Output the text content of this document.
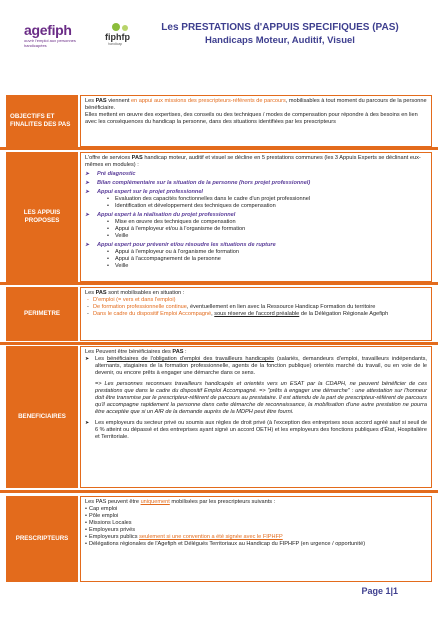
agefiph
ouvrir l'emploi aux personnes handicapées
fiphfp
handicap
Les PRESTATIONS d'APPUIS SPECIFIQUES (PAS)
Handicaps Moteur, Auditif, Visuel
OBJECTIFS ET FINALITES DES PAS

Les PAS viennent en appui aux missions des prescripteurs-référents de parcours, mobilisables à tout moment du parcours de la personne bénéficiaire.

Elles mettent en œuvre des expertises, des conseils ou des techniques / modes de compensation pour répondre à des besoins en lien avec les conséquences du handicap la personne, dans des situations identifiées par les prescripteurs

LES APPUIS PROPOSES

L'offre de services PAS handicap moteur, auditif et visuel se décline en 5 prestations communes (les 3 Appuis Experts se déclinant eux-mêmes en modules) :

➤ Pré diagnostic
➤ Bilan complémentaire sur la situation de la personne (hors projet professionnel)
➤ Appui expert sur le projet professionnel
• Evaluation des capacités fonctionnelles dans le cadre d'un projet professionnel
• Identification et développement des techniques de compensation
➤ Appui expert à la réalisation du projet professionnel
• Mise en œuvre des techniques de compensation
• Appui à l'employeur et/ou à l'organisme de formation
• Veille
➤ Appui expert pour prévenir et/ou résoudre les situations de rupture
• Appui à l'employeur ou à l'organisme de formation
• Appui à l'accompagnement de la personne
• Veille
PERIMETRE

Les PAS sont mobilisables en situation :

- D'emploi (= vers et dans l'emploi)
- De formation professionnelle continue, éventuellement en lien avec la Ressource Handicap Formation du territoire
- Dans le cadre du dispositif Emploi Accompagné, sous réserve de l'accord préalable de la Délégation Régionale Agefiph
BENEFICIAIRES

Les Peuvent être bénéficiaires des PAS :

➤ Les bénéficiaires de l'obligation d'emploi des travailleurs handicapés (salariés, demandeurs d'emploi, travailleurs indépendants, alternants, stagiaires de la formation professionnelle, agents de la fonction publique) orientés marché du travail, ou en voie de le devenir, ou encore prêts à engager une démarche dans ce sens.

=> Les personnes reconnues travailleurs handicapés et orientés vers un ESAT par la CDAPH, ne peuvent bénéficier de ces prestations que dans le cadre du dispositif Emploi Accompagné. => "prêts à engager une démarche" : une attestation sur l'honneur doit être transmise par le prescripteur-référent de parcours au prestataire. Il est attendu de la part de prescripteur-référent de parcours qu'il accompagne rapidement la personne dans cette démarche de reconnaissance, la mobilisation d'une autre prestation ne pourra être acceptée que si un AIR de la demande auprès de la MDPH peut être fourni.

➤ Les employeurs du secteur privé ou soumis aux règles de droit privé (à l'exception des entreprises sous accord agréé sauf si seuil de 6 % atteint ou dépassé et des entreprises ayant signé un accord OETH) et les employeurs des fonctions publiques d'État, Hospitalière et Territoriale.
PRESCRIPTEURS

Les PAS peuvent être uniquement mobilisées par les prescripteurs suivants :

• Cap emploi
• Pôle emploi
• Missions Locales
• Employeurs privés
• Employeurs publics seulement si une convention a été signée avec le FIPHFP
• Délégations régionales de l'Agefiph et Délégués Territoriaux au Handicap du FIPHFP (en urgence / opportunité)
Page 1|1
